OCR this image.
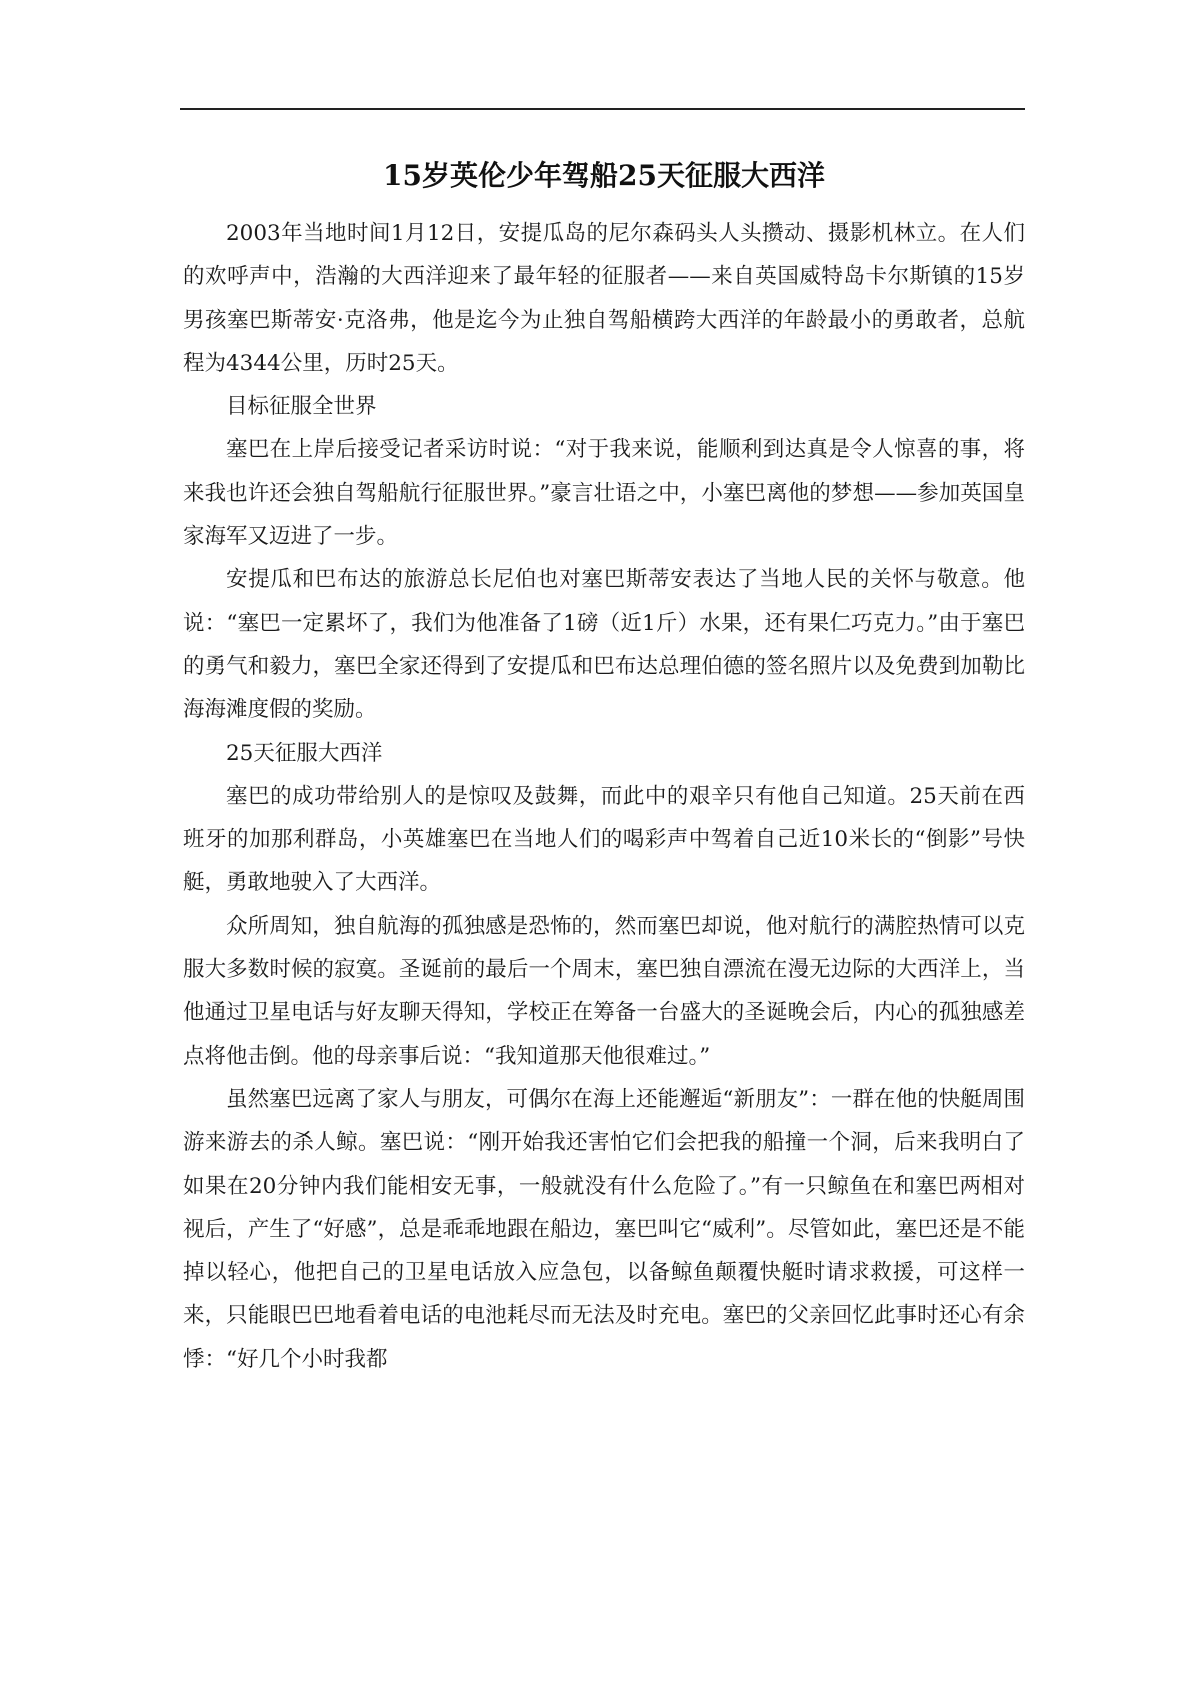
15岁英伦少年驾船25天征服大西洋

2003年当地时间1月12日，安提瓜岛的尼尔森码头人头攒动、摄影机林立。在人们的欢呼声中，浩瀚的大西洋迎来了最年轻的征服者——来自英国威特岛卡尔斯镇的15岁男孩塞巴斯蒂安·克洛弗，他是迄今为止独自驾船横跨大西洋的年龄最小的勇敢者，总航程为4344公里，历时25天。

目标征服全世界

塞巴在上岸后接受记者采访时说：“对于我来说，能顺利到达真是令人惊喜的事，将来我也许还会独自驾船航行征服世界。”豪言壮语之中，小塞巴离他的梦想——参加英国皇家海军又迈进了一步。

安提瓜和巴布达的旅游总长尼伯也对塞巴斯蒂安表达了当地人民的关怀与敬意。他说：“塞巴一定累坏了，我们为他准备了1磅（近1斤）水果，还有果仁巧克力。”由于塞巴的勇气和毅力，塞巴全家还得到了安提瓜和巴布达总理伯德的签名照片以及免费到加勒比海海滩度假的奖励。

25天征服大西洋

塞巴的成功带给别人的是惊叹及鼓舞，而此中的艰辛只有他自己知道。25天前在西班牙的加那利群岛，小英雄塞巴在当地人们的喝彩声中驾着自己近10米长的“倒影”号快艇，勇敢地驶入了大西洋。

众所周知，独自航海的孤独感是恐怖的，然而塞巴却说，他对航行的满腔热情可以克服大多数时候的寂寞。圣诞前的最后一个周末，塞巴独自漂流在漫无边际的大西洋上，当他通过卫星电话与好友聊天得知，学校正在筹备一台盛大的圣诞晚会后，内心的孤独感差点将他击倒。他的母亲事后说：“我知道那天他很难过。”

虽然塞巴远离了家人与朋友，可偶尔在海上还能邂逅“新朋友”：一群在他的快艇周围游来游去的杀人鲸。塞巴说：“刚开始我还害怕它们会把我的船撞一个洞，后来我明白了如果在20分钟内我们能相安无事，一般就没有什么危险了。”有一只鲸鱼在和塞巴两相对视后，产生了“好感”，总是乖乖地跟在船边，塞巴叫它“威利”。尽管如此，塞巴还是不能掉以轻心，他把自己的卫星电话放入应急包，以备鲸鱼颠覆快艇时请求救援，可这样一来，只能眼巴巴地看着电话的电池耗尽而无法及时充电。塞巴的父亲回忆此事时还心有余悸：“好几个小时我都
